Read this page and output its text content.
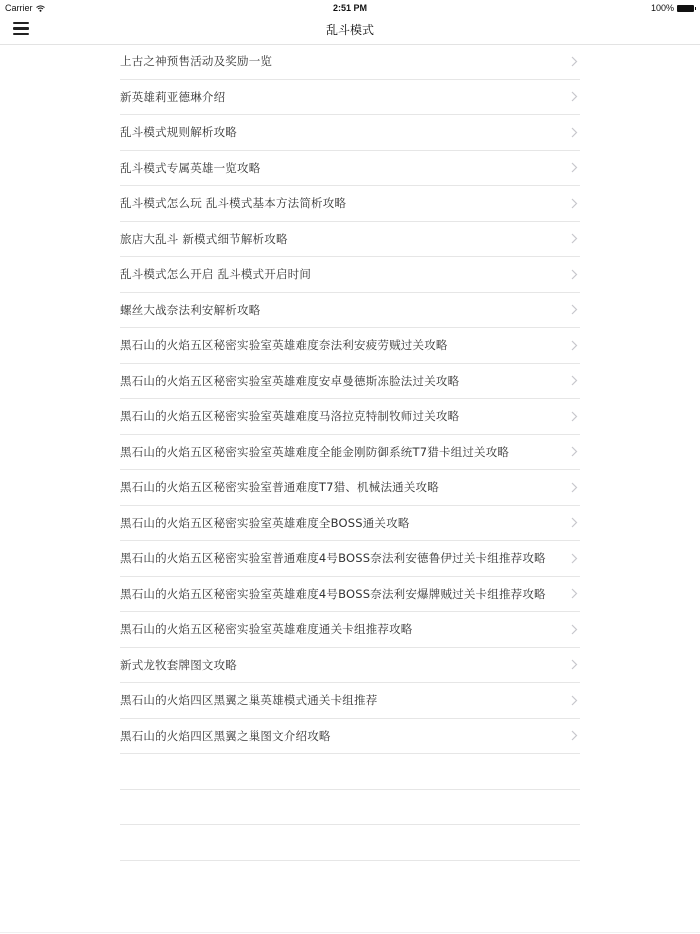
Carrier	2:51 PM	100%
乱斗模式
上古之神预售活动及奖励一览
新英雄莉亚德琳介绍
乱斗模式规则解析攻略
乱斗模式专属英雄一览攻略
乱斗模式怎么玩 乱斗模式基本方法简析攻略
旅店大乱斗 新模式细节解析攻略
乱斗模式怎么开启 乱斗模式开启时间
螺丝大战奈法利安解析攻略
黑石山的火焰五区秘密实验室英雄难度奈法利安疲劳贼过关攻略
黑石山的火焰五区秘密实验室英雄难度安卓曼德斯冻脸法过关攻略
黑石山的火焰五区秘密实验室英雄难度马洛拉克特制牧师过关攻略
黑石山的火焰五区秘密实验室英雄难度全能金刚防御系统T7猎卡组过关攻略
黑石山的火焰五区秘密实验室普通难度T7猎、机械法通关攻略
黑石山的火焰五区秘密实验室英雄难度全BOSS通关攻略
黑石山的火焰五区秘密实验室普通难度4号BOSS奈法利安德鲁伊过关卡组推荐攻略
黑石山的火焰五区秘密实验室英雄难度4号BOSS奈法利安爆牌贼过关卡组推荐攻略
黑石山的火焰五区秘密实验室英雄难度通关卡组推荐攻略
新式龙牧套牌图文攻略
黑石山的火焰四区黑翼之巢英雄模式通关卡组推荐
黑石山的火焰四区黑翼之巢图文介绍攻略
